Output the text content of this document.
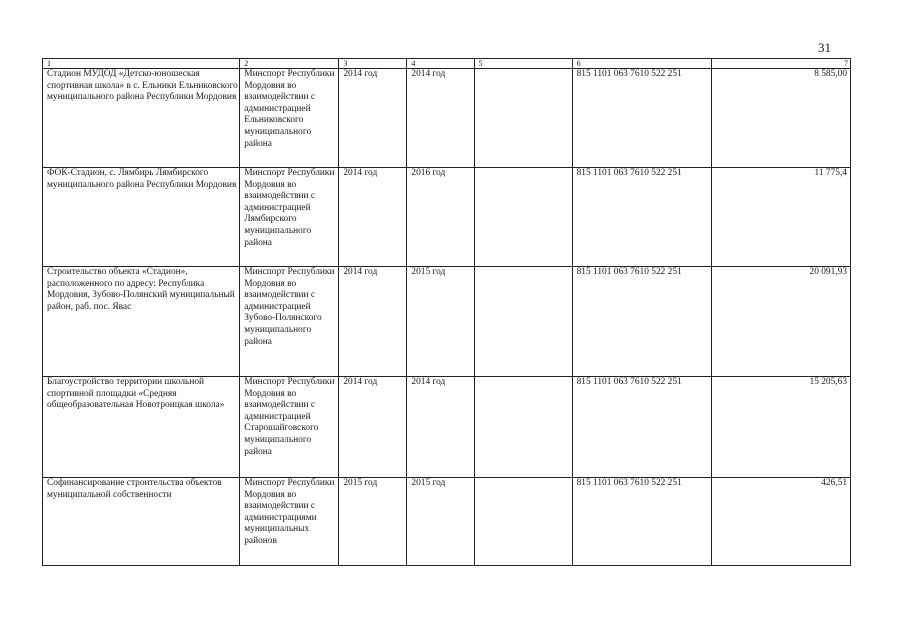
31
1	2	3	4	5	6	7
Стадион МУДОД «Детско-юношеская спортивная школа» в с. Ельники Ельниковского муниципального района Республики Мордовия	Минспорт Республики Мордовия во взаимодействии с администрацией Ельниковского муниципального района	2014 год	2014 год		815 1101 063 7610 522 251	8 585,00
ФОК-Стадион, с. Лямбирь Лямбирского муниципального района Республики Мордовия	Минспорт Республики Мордовия во взаимодействии с администрацией Лямбирского муниципального района	2014 год	2016 год		815 1101 063 7610 522 251	11 775,4
Строительство объекта «Стадион», расположенного по адресу: Республика Мордовия, Зубово-Полянский муниципальный район, раб. пос. Явас	Минспорт Республики Мордовия во взаимодействии с администрацией Зубово-Полянского муниципального района	2014 год	2015 год		815 1101 063 7610 522 251	20 091,93
Благоустройство территории школьной спортивной площадки «Средняя общеобразовательная Новотроицкая школа»	Минспорт Республики Мордовия во взаимодействии с администрацией Старошайговского муниципального района	2014 год	2014 год		815 1101 063 7610 522 251	15 205,63
Софинансирование строительства объектов муниципальной собственности	Минспорт Республики Мордовия во взаимодействии с администрациями муниципальных районов	2015 год	2015 год		815 1101 063 7610 522 251	426,51
